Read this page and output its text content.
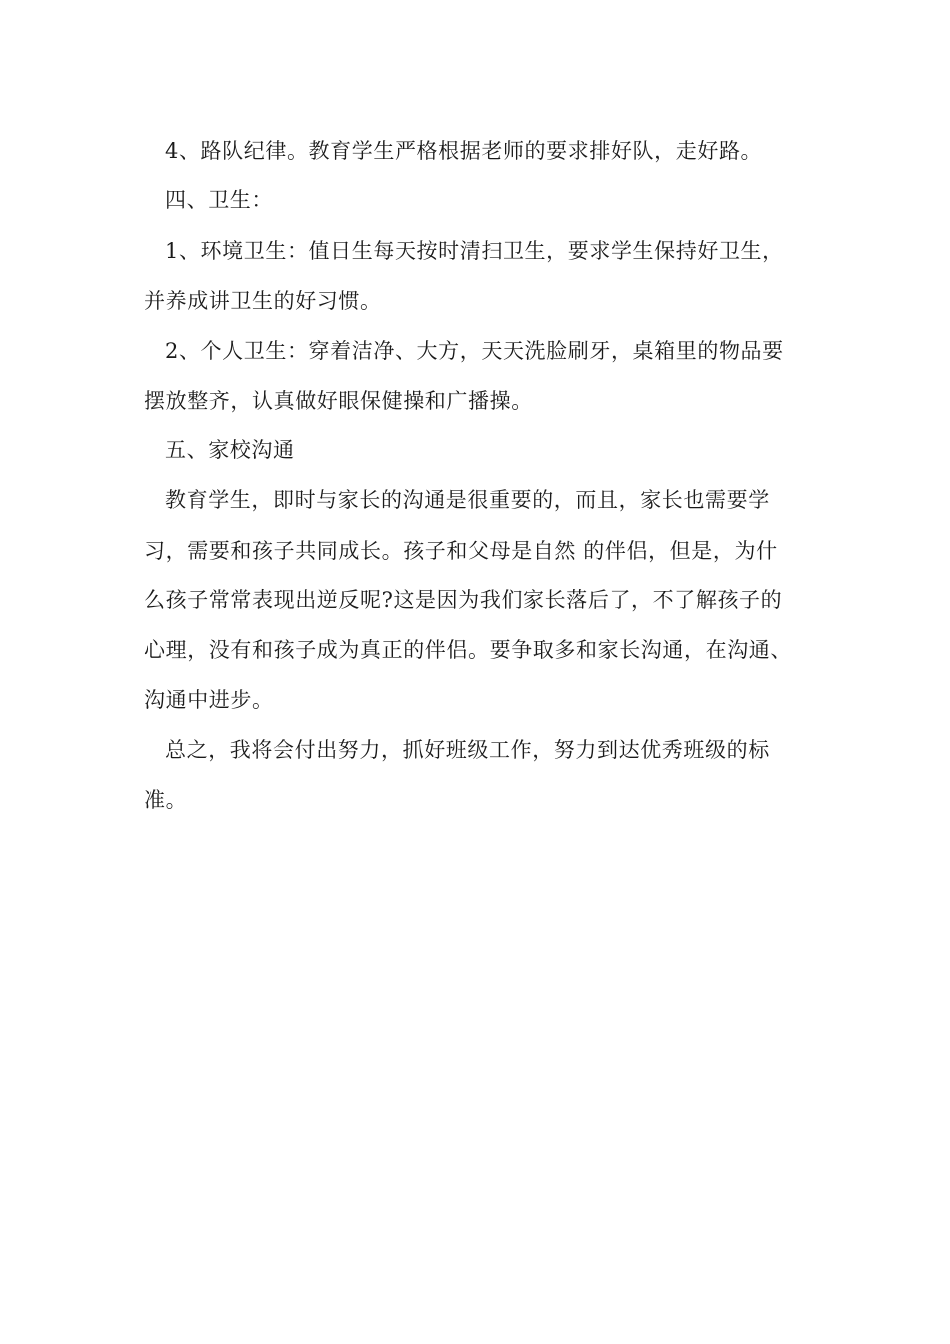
4、路队纪律。教育学生严格根据老师的要求排好队，走好路。
四、卫生：
1、环境卫生：值日生每天按时清扫卫生，要求学生保持好卫生，
并养成讲卫生的好习惯。
2、个人卫生：穿着洁净、大方，天天洗脸刷牙，桌箱里的物品要
摆放整齐，认真做好眼保健操和广播操。
五、家校沟通
教育学生，即时与家长的沟通是很重要的，而且，家长也需要学
习，需要和孩子共同成长。孩子和父母是自然 的伴侣，但是，为什
么孩子常常表现出逆反呢?这是因为我们家长落后了，不了解孩子的
心理，没有和孩子成为真正的伴侣。要争取多和家长沟通，在沟通、
沟通中进步。
总之，我将会付出努力，抓好班级工作，努力到达优秀班级的标
准。
